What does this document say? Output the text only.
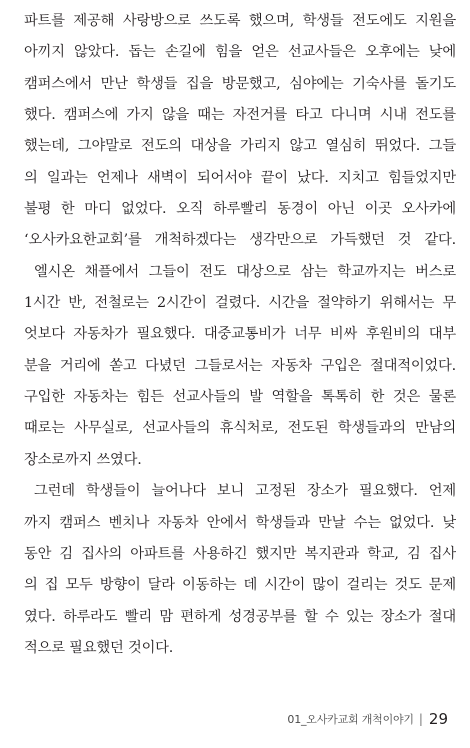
파트를 제공해 사랑방으로 쓰도록 했으며, 학생들 전도에도 지원을
아끼지 않았다. 돕는 손길에 힘을 얻은 선교사들은 오후에는 낮에
캠퍼스에서 만난 학생들 집을 방문했고, 심야에는 기숙사를 돌기도
했다. 캠퍼스에 가지 않을 때는 자전거를 타고 다니며 시내 전도를
했는데, 그야말로 전도의 대상을 가리지 않고 열심히 뛰었다. 그들
의 일과는 언제나 새벽이 되어서야 끝이 났다. 지치고 힘들었지만
불평 한 마디 없었다. 오직 하루빨리 동경이 아닌 이곳 오사카에
‘오사카요한교회’를 개척하겠다는 생각만으로 가득했던 것 같다.
엘시온 채플에서 그들이 전도 대상으로 삼는 학교까지는 버스로
1시간 반, 전철로는 2시간이 걸렸다. 시간을 절약하기 위해서는 무
엇보다 자동차가 필요했다. 대중교통비가 너무 비싸 후원비의 대부
분을 거리에 쏟고 다녔던 그들로서는 자동차 구입은 절대적이었다.
구입한 자동차는 힘든 선교사들의 발 역할을 톡톡히 한 것은 물론
때로는 사무실로, 선교사들의 휴식처로, 전도된 학생들과의 만남의
장소로까지 쓰였다.
그런데 학생들이 늘어나다 보니 고정된 장소가 필요했다. 언제
까지 캠퍼스 벤치나 자동차 안에서 학생들과 만날 수는 없었다. 낮
동안 김 집사의 아파트를 사용하긴 했지만 복지관과 학교, 김 집사
의 집 모두 방향이 달라 이동하는 데 시간이 많이 걸리는 것도 문제
였다. 하루라도 빨리 맘 편하게 성경공부를 할 수 있는 장소가 절대
적으로 필요했던 것이다.
01_오사카교회 개척이야기 | 29
